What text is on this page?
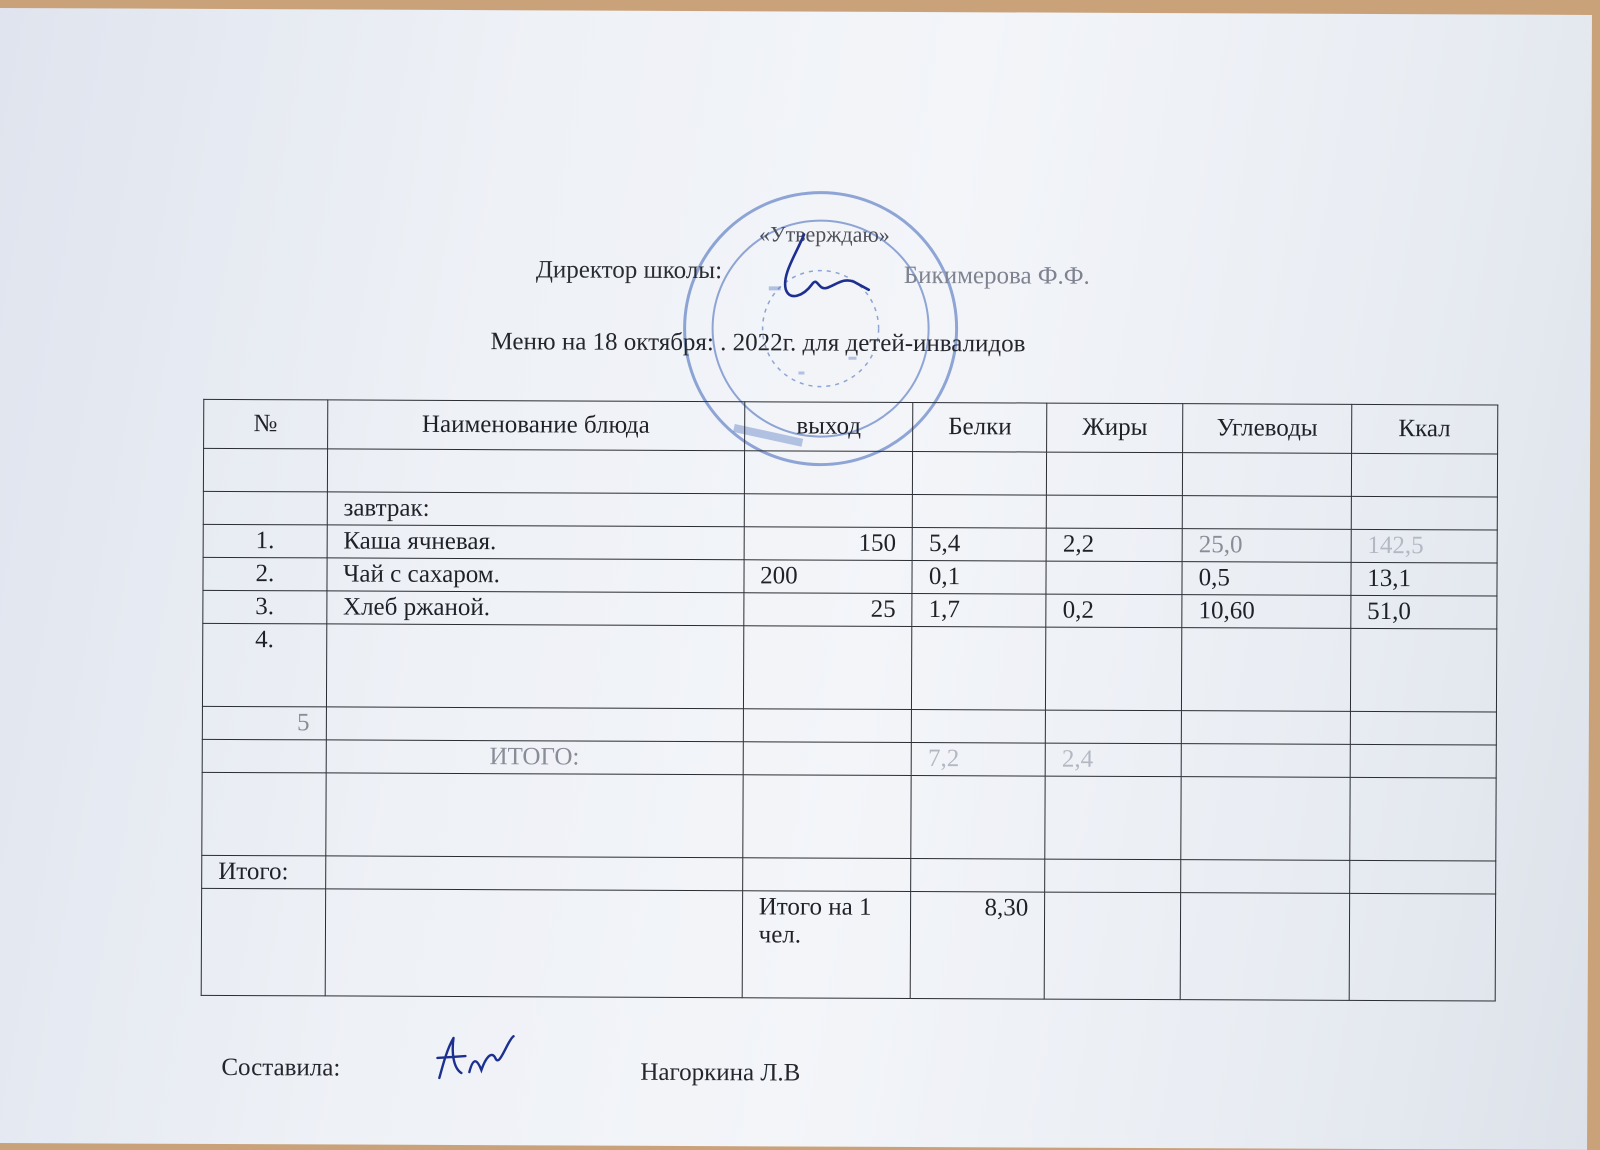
«Утверждаю»
Директор школы:	Бикимерова Ф.Ф.
Меню на 18 октября: . 2022г. для детей-инвалидов
№	Наименование блюда	выход	Белки	Жиры	Углеводы	Ккал

	завтрак:					
1.	Каша ячневая.	150	5,4	2,2	25,0	142,5
2.	Чай с сахаром.	200	0,1		0,5	13,1
3.	Хлеб ржаной.	25	1,7	0,2	10,60	51,0
4.						
5						
	ИТОГО:		7,2	2,4		

Итого:						
		Итого на 1 чел.	8,30			
Составила:	Нагоркина Л.В
